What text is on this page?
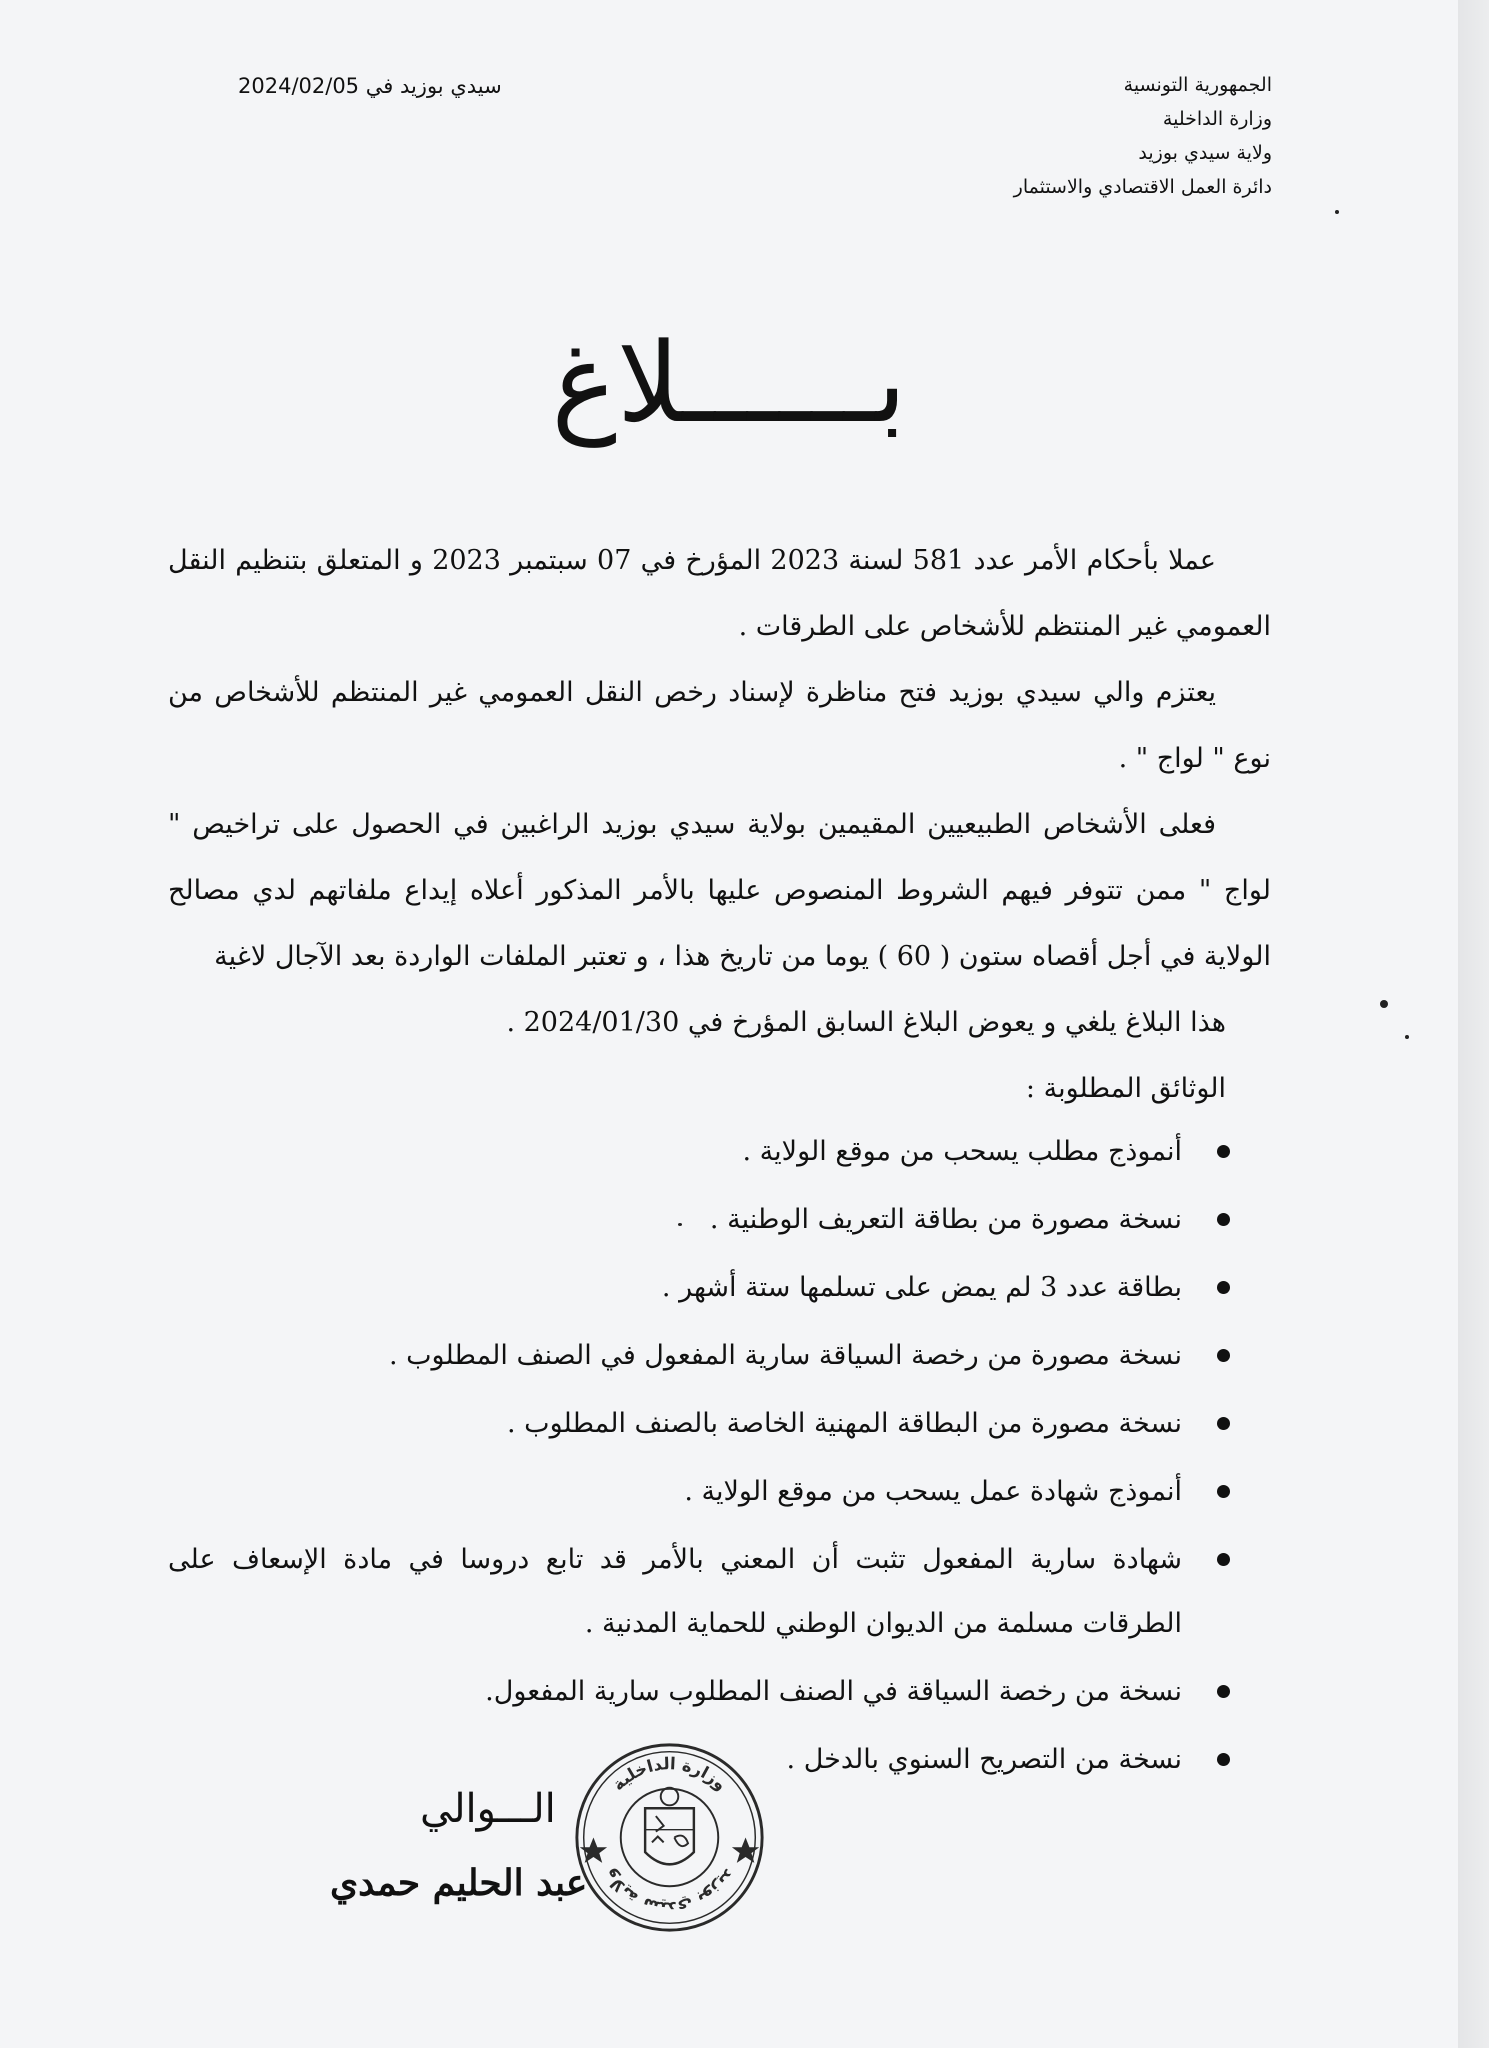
الجمهورية التونسية
وزارة الداخلية
ولاية سيدي بوزيد
دائرة العمل الاقتصادي والاستثمار
سيدي بوزيد في 2024/02/05
بــــــلاغ

عملا بأحكام الأمر عدد 581 لسنة 2023 المؤرخ في 07 سبتمبر 2023 و المتعلق بتنظيم النقل العمومي غير المنتظم للأشخاص على الطرقات .

يعتزم والي سيدي بوزيد فتح مناظرة لإسناد رخص النقل العمومي غير المنتظم للأشخاص من نوع " لواج " .

فعلى الأشخاص الطبيعيين المقيمين بولاية سيدي بوزيد الراغبين في الحصول على تراخيص " لواج " ممن تتوفر فيهم الشروط المنصوص عليها بالأمر المذكور أعلاه إيداع ملفاتهم لدي مصالح الولاية في أجل أقصاه ستون ( 60 ) يوما من تاريخ هذا ، و تعتبر الملفات الواردة بعد الآجال لاغية

هذا البلاغ يلغي و يعوض البلاغ السابق المؤرخ في 2024/01/30 .

الوثائق المطلوبة :

أنموذج مطلب يسحب من موقع الولاية .
نسخة مصورة من بطاقة التعريف الوطنية .
بطاقة عدد 3 لم يمض على تسلمها ستة أشهر .
نسخة مصورة من رخصة السياقة سارية المفعول في الصنف المطلوب .
نسخة مصورة من البطاقة المهنية الخاصة بالصنف المطلوب .
أنموذج شهادة عمل يسحب من موقع الولاية .
شهادة سارية المفعول تثبت أن المعني بالأمر قد تابع دروسا في مادة الإسعاف على الطرقات مسلمة من الديوان الوطني للحماية المدنية .
نسخة من رخصة السياقة في الصنف المطلوب سارية المفعول.
نسخة من التصريح السنوي بالدخل .
الـــوالي
عبد الحليم حمدي
وزارة الداخلية
ولاية سيدي بوزيد
